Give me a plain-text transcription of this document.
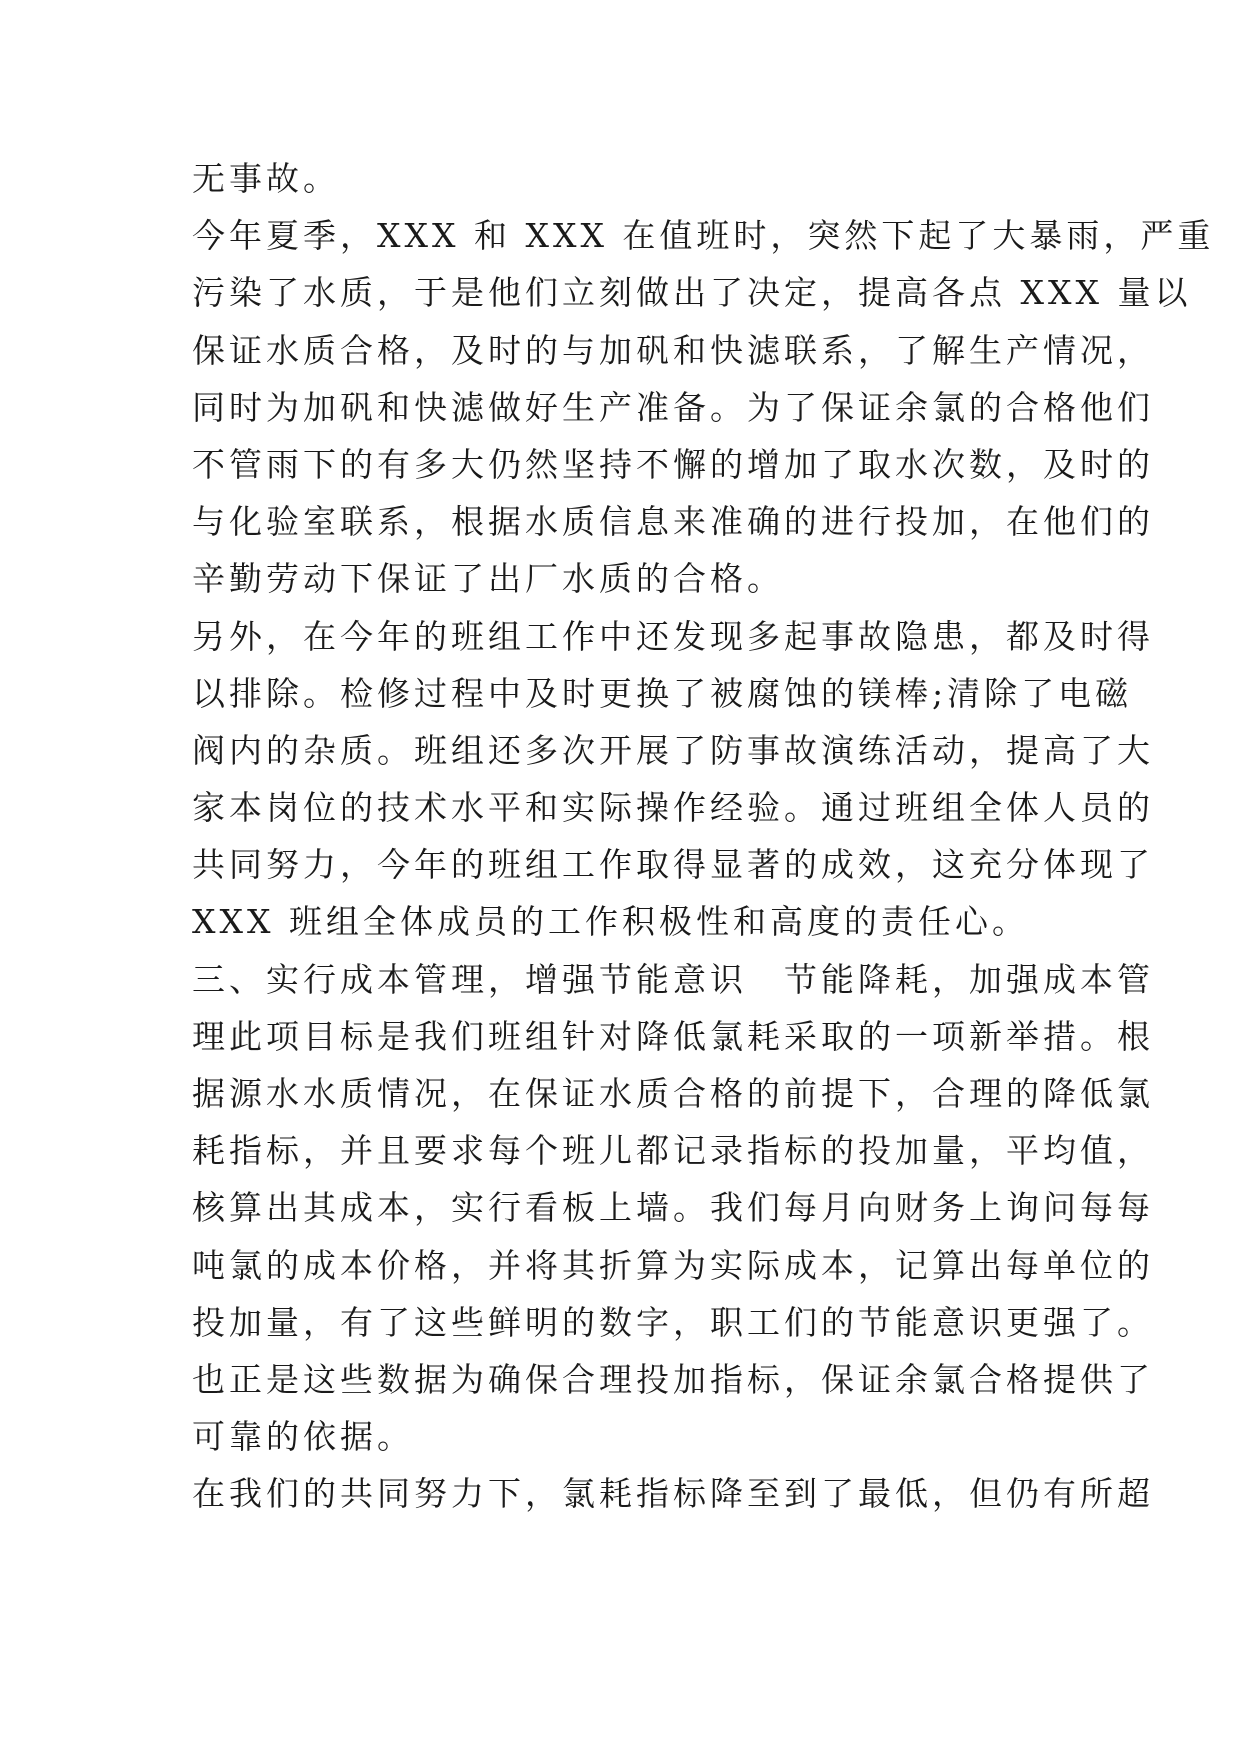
无事故。
今年夏季，XXX 和 XXX 在值班时，突然下起了大暴雨，严重
污染了水质，于是他们立刻做出了决定，提高各点 XXX 量以
保证水质合格，及时的与加矾和快滤联系，了解生产情况，
同时为加矾和快滤做好生产准备。为了保证余氯的合格他们
不管雨下的有多大仍然坚持不懈的增加了取水次数，及时的
与化验室联系，根据水质信息来准确的进行投加，在他们的
辛勤劳动下保证了出厂水质的合格。
另外，在今年的班组工作中还发现多起事故隐患，都及时得
以排除。检修过程中及时更换了被腐蚀的镁棒;清除了电磁
阀内的杂质。班组还多次开展了防事故演练活动，提高了大
家本岗位的技术水平和实际操作经验。通过班组全体人员的
共同努力，今年的班组工作取得显著的成效，这充分体现了
XXX 班组全体成员的工作积极性和高度的责任心。
三、实行成本管理，增强节能意识　节能降耗，加强成本管
理此项目标是我们班组针对降低氯耗采取的一项新举措。根
据源水水质情况，在保证水质合格的前提下，合理的降低氯
耗指标，并且要求每个班儿都记录指标的投加量，平均值，
核算出其成本，实行看板上墙。我们每月向财务上询问每每
吨氯的成本价格，并将其折算为实际成本，记算出每单位的
投加量，有了这些鲜明的数字，职工们的节能意识更强了。
也正是这些数据为确保合理投加指标，保证余氯合格提供了
可靠的依据。
在我们的共同努力下，氯耗指标降至到了最低，但仍有所超
